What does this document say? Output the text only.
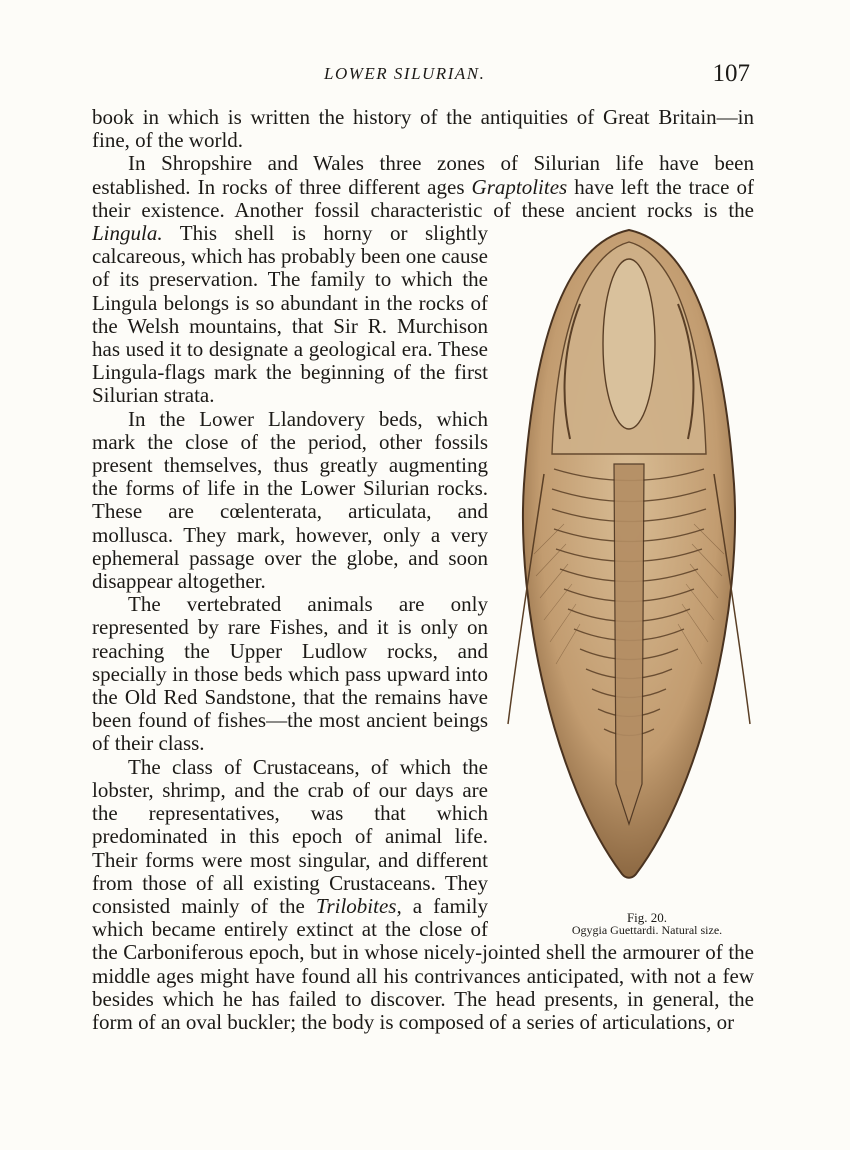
LOWER SILURIAN.	107

book in which is written the history of the antiquities of Great Britain—in fine, of the world.

In Shropshire and Wales three zones of Silurian life have been established. In rocks of three different ages Graptolites have left the trace of their existence. Another fossil characteristic of these ancient rocks is the
Fig. 20.
Ogygia Guettardi. Natural size.
Lingula. This shell is horny or slightly calcareous, which has probably been one cause of its preservation. The family to which the Lingula belongs is so abundant in the rocks of the Welsh mountains, that Sir R. Murchison has used it to designate a geological era. These Lingula-flags mark the beginning of the first Silurian strata.

In the Lower Llandovery beds, which mark the close of the period, other fossils present themselves, thus greatly augmenting the forms of life in the Lower Silurian rocks. These are cœlenterata, articulata, and mollusca. They mark, however, only a very ephemeral passage over the globe, and soon disappear altogether.

The vertebrated animals are only represented by rare Fishes, and it is only on reaching the Upper Ludlow rocks, and specially in those beds which pass upward into the Old Red Sandstone, that the remains have been found of fishes—the most ancient beings of their class.

The class of Crustaceans, of which the lobster, shrimp, and the crab of our days are the representatives, was that which predominated in this epoch of animal life. Their forms were most singular, and different from those of all existing Crustaceans. They consisted mainly of the Trilobites, a family which became entirely extinct at the close of the Carboniferous epoch, but in whose nicely-jointed shell the armourer of the middle ages might have found all his contrivances anticipated, with not a few besides which he has failed to discover. The head presents, in general, the form of an oval buckler; the body is composed of a series of articulations, or
